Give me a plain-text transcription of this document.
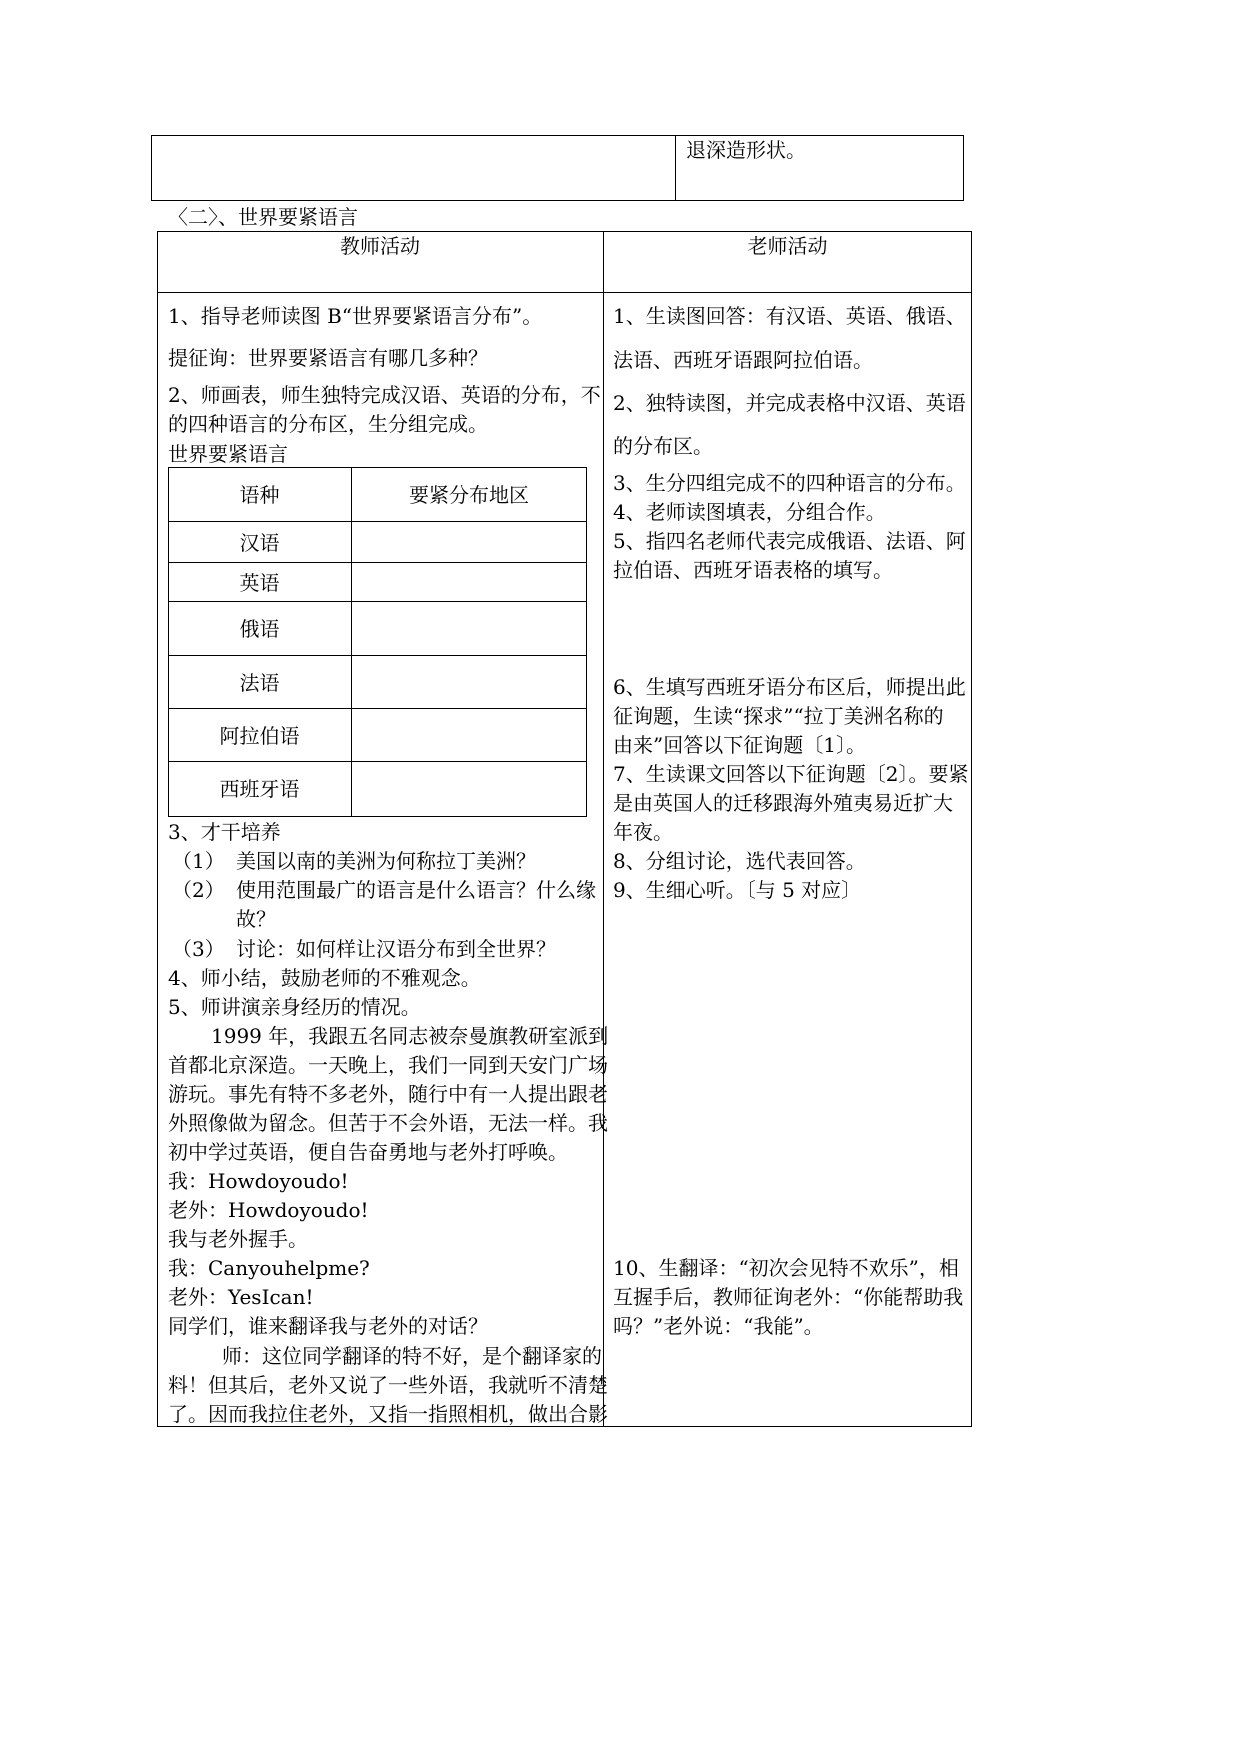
退深造形状。
〈二〉、世界要紧语言
教师活动	老师活动
1、指导老师读图 B“世界要紧语言分布”。
提征询：世界要紧语言有哪几多种？
2、师画表，师生独特完成汉语、英语的分布，不
的四种语言的分布区，生分组完成。
世界要紧语言
语种	要紧分布地区
汉语
英语
俄语
法语
阿拉伯语
西班牙语
3、才干培养
（1） 美国以南的美洲为何称拉丁美洲？
（2） 使用范围最广的语言是什么语言？什么缘
故？
（3） 讨论：如何样让汉语分布到全世界？
4、师小结，鼓励老师的不雅观念。
5、师讲演亲身经历的情况。
1999 年，我跟五名同志被奈曼旗教研室派到
首都北京深造。一天晚上，我们一同到天安门广场
游玩。事先有特不多老外，随行中有一人提出跟老
外照像做为留念。但苦于不会外语，无法一样。我
初中学过英语，便自告奋勇地与老外打呼唤。
我：Howdoyoudo!
老外：Howdoyoudo!
我与老外握手。
我：Canyouhelpme?
老外：YesIcan!
同学们，谁来翻译我与老外的对话？
师：这位同学翻译的特不好，是个翻译家的
料！但其后，老外又说了一些外语，我就听不清楚
了。因而我拉住老外，又指一指照相机，做出合影
1、生读图回答：有汉语、英语、俄语、
法语、西班牙语跟阿拉伯语。
2、独特读图，并完成表格中汉语、英语
的分布区。
3、生分四组完成不的四种语言的分布。
4、老师读图填表，分组合作。
5、指四名老师代表完成俄语、法语、阿
拉伯语、西班牙语表格的填写。
6、生填写西班牙语分布区后，师提出此
征询题，生读“探求”“拉丁美洲名称的
由来”回答以下征询题〔1〕。
7、生读课文回答以下征询题〔2〕。要紧
是由英国人的迁移跟海外殖夷易近扩大
年夜。
8、分组讨论，选代表回答。
9、生细心听。〔与 5 对应〕
10、生翻译：“初次会见特不欢乐”，相
互握手后，教师征询老外：“你能帮助我
吗？”老外说：“我能”。
